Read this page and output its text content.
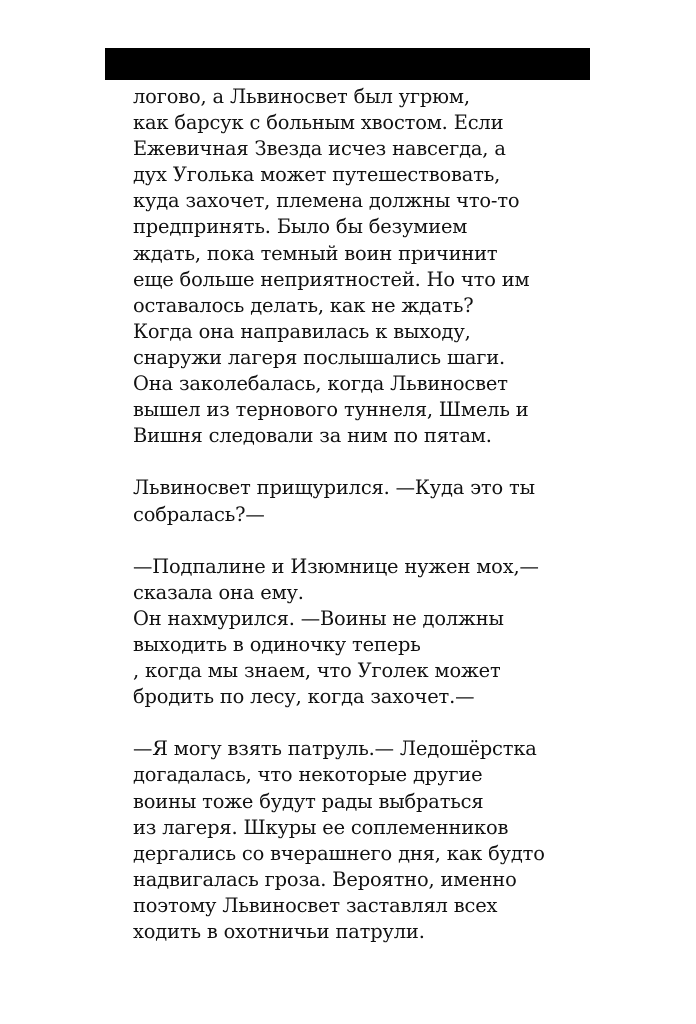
логово, а Львиносвет был угрюм,
как барсук с больным хвостом. Если
Ежевичная Звезда исчез навсегда, а
дух Уголька может путешествовать,
куда захочет, племена должны что-то
предпринять. Было бы безумием
ждать, пока темный воин причинит
еще больше неприятностей. Но что им
оставалось делать, как не ждать?
Когда она направилась к выходу,
снаружи лагеря послышались шаги.
Она заколебалась, когда Львиносвет
вышел из тернового туннеля, Шмель и
Вишня следовали за ним по пятам.
Львиносвет прищурился. —Куда это ты
собралась?—
—Подпалине и Изюмнице нужен мох,—
сказала она ему.
Он нахмурился. —Воины не должны
выходить в одиночку теперь
, когда мы знаем, что Уголек может
бродить по лесу, когда захочет.—
—Я могу взять патруль.— Ледошёрстка
догадалась, что некоторые другие
воины тоже будут рады выбраться
из лагеря. Шкуры ее соплеменников
дергались со вчерашнего дня, как будто
надвигалась гроза. Вероятно, именно
поэтому Львиносвет заставлял всех
ходить в охотничьи патрули.
